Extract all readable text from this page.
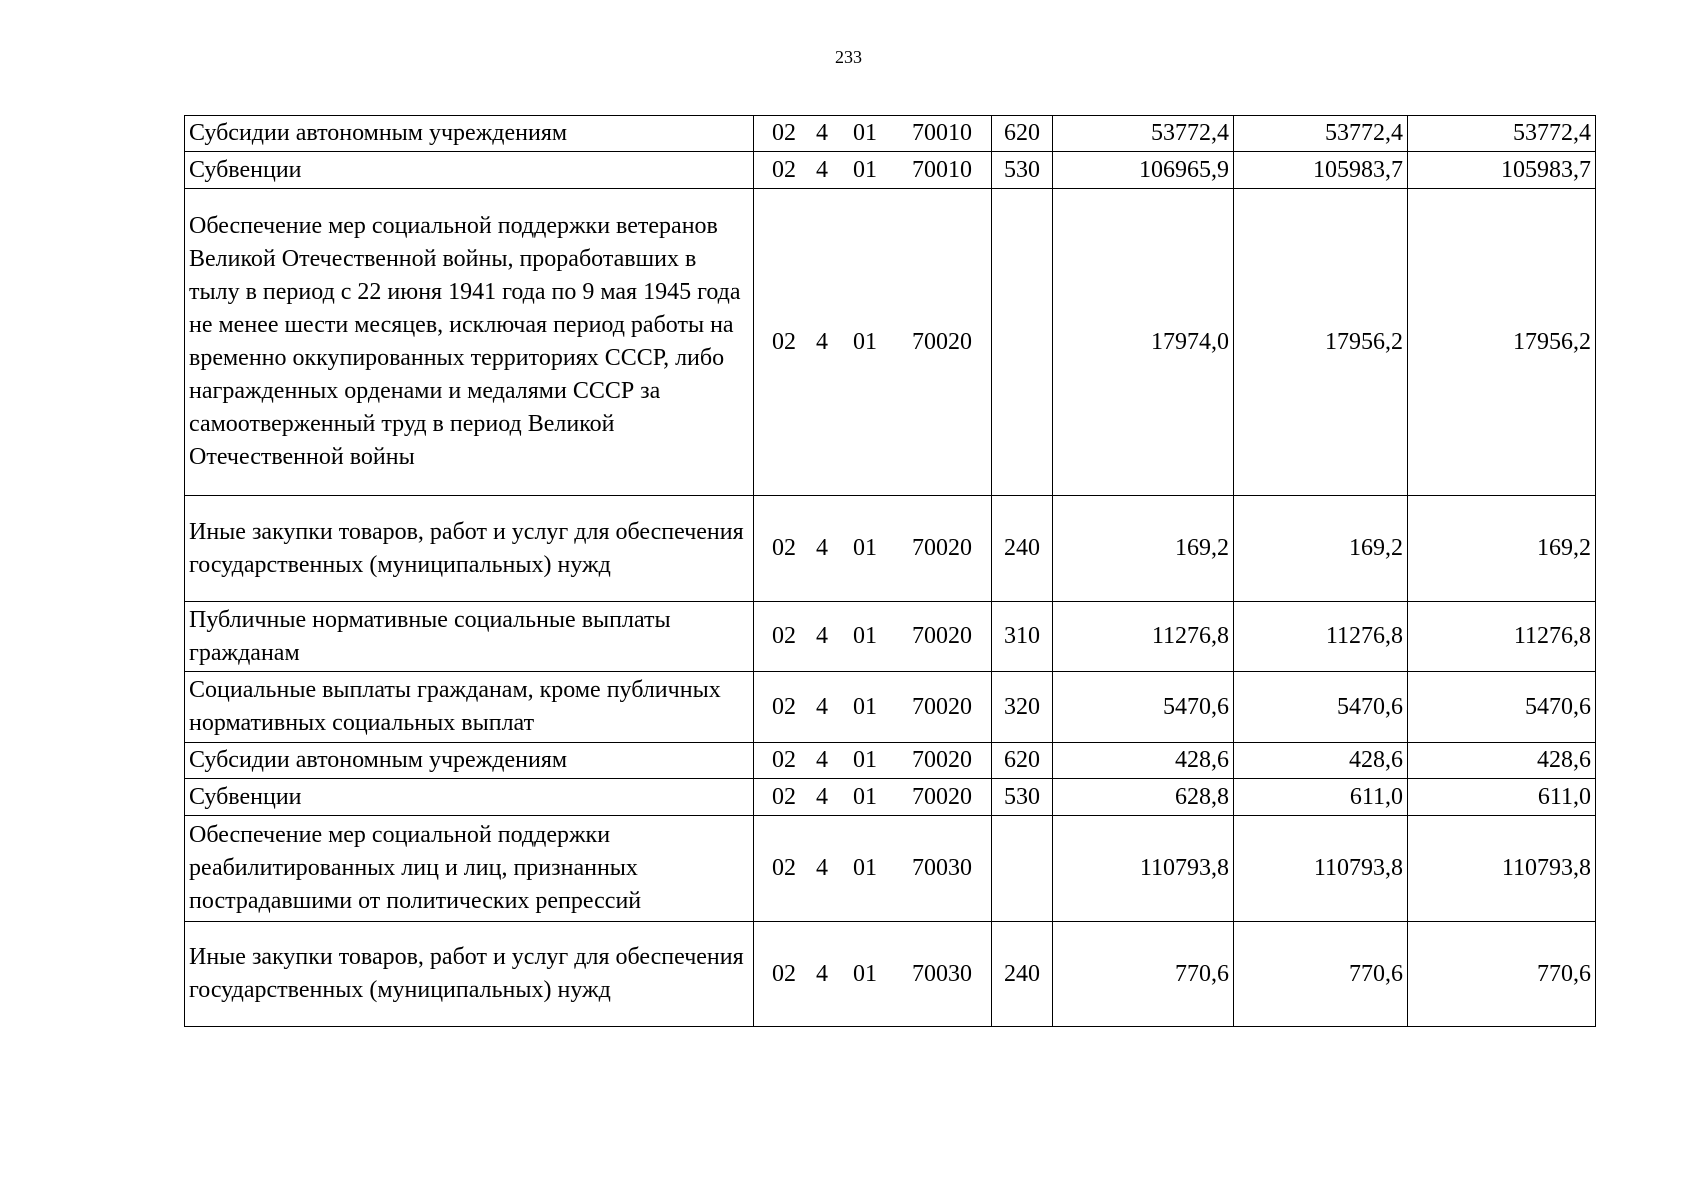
233
Субсидии автономным учреждениям	02 4 01 70010	620	53772,4	53772,4	53772,4
Субвенции	02 4 01 70010	530	106965,9	105983,7	105983,7
Обеспечение мер социальной поддержки ветеранов Великой Отечественной войны, проработавших в тылу в период с 22 июня 1941 года по 9 мая 1945 года не менее шести месяцев, исключая период работы на временно оккупированных территориях СССР, либо награжденных орденами и медалями СССР за самоотверженный труд в период Великой Отечественной войны	02 4 01 70020		17974,0	17956,2	17956,2
Иные закупки товаров, работ и услуг для обеспечения государственных (муниципальных) нужд	02 4 01 70020	240	169,2	169,2	169,2
Публичные нормативные социальные выплаты гражданам	02 4 01 70020	310	11276,8	11276,8	11276,8
Социальные выплаты гражданам, кроме публичных нормативных социальных выплат	02 4 01 70020	320	5470,6	5470,6	5470,6
Субсидии автономным учреждениям	02 4 01 70020	620	428,6	428,6	428,6
Субвенции	02 4 01 70020	530	628,8	611,0	611,0
Обеспечение мер социальной поддержки реабилитированных лиц и лиц, признанных пострадавшими от политических репрессий	02 4 01 70030		110793,8	110793,8	110793,8
Иные закупки товаров, работ и услуг для обеспечения государственных (муниципальных) нужд	02 4 01 70030	240	770,6	770,6	770,6
